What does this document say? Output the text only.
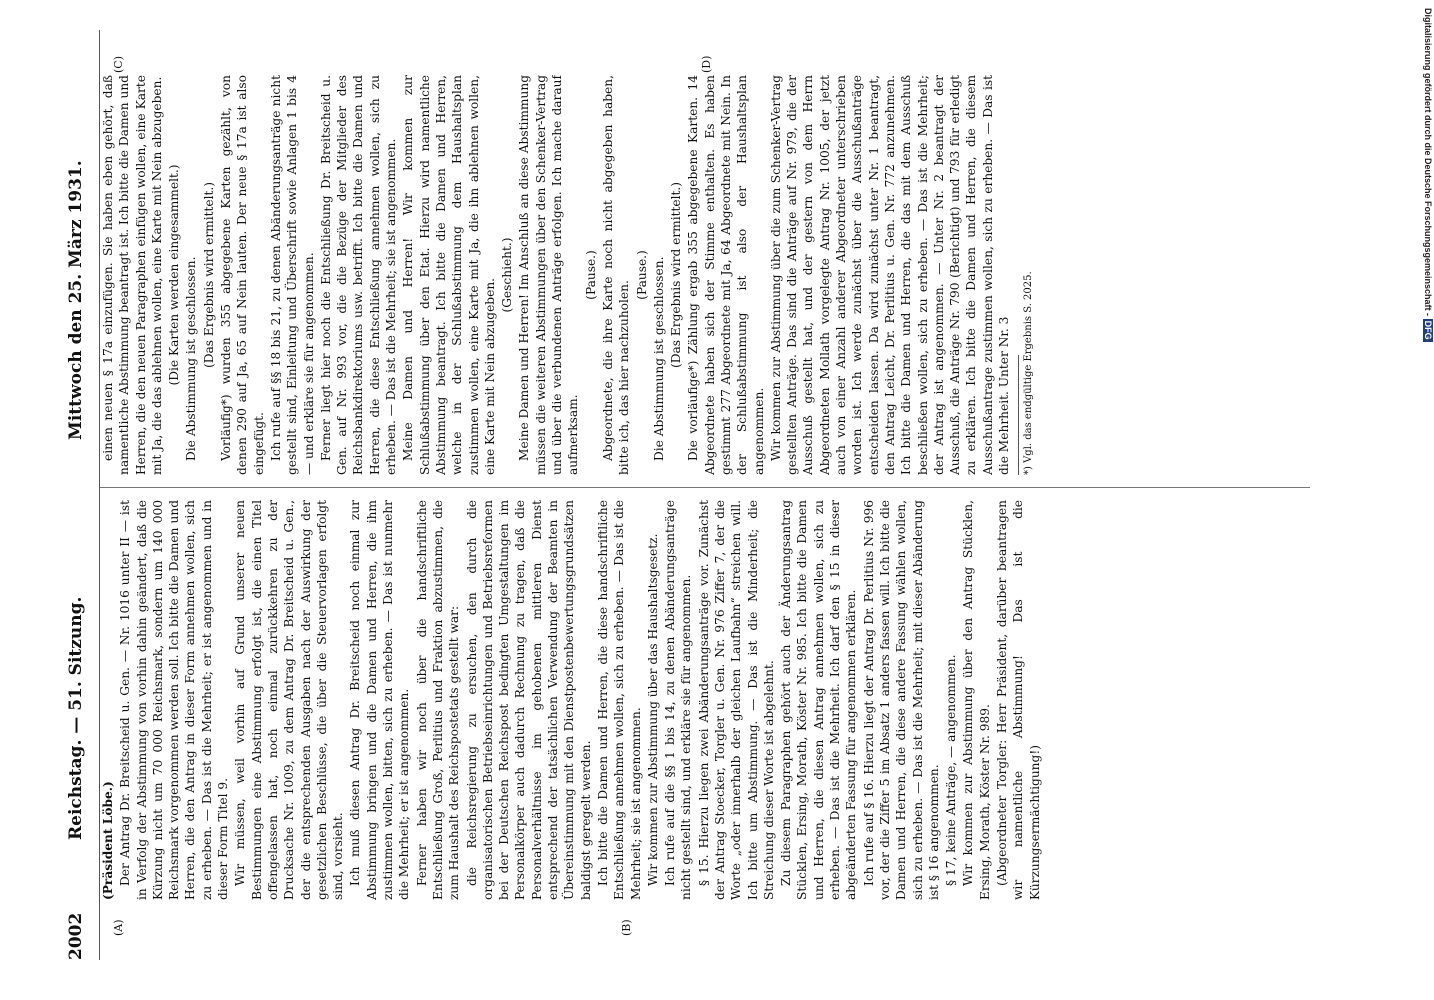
2002
Reichstag. — 51. Sitzung.
Mittwoch den 25. März 1931.
(A)	(B)
(C)	(D)

(Präsident Löbe.) Der Antrag Dr. Breitscheid u. Gen. — Nr. 1016 unter II — ist in Verfolg der Abstimmung von vorhin dahin geändert, daß die Kürzung nicht um 70 000 Reichsmark, sondern um 140 000 Reichsmark vorgenommen werden soll. Ich bitte die Damen und Herren, die den Antrag in dieser Form annehmen wollen, sich zu erheben. — Das ist die Mehrheit; er ist angenommen und in dieser Form Titel 9. Wir müssen, weil vorhin auf Grund unserer neuen Bestimmungen eine Abstimmung erfolgt ist, die einen Titel offengelassen hat, noch einmal zurückkehren zu der Drucksache Nr. 1009, zu dem Antrag Dr. Breitscheid u. Gen., der die entsprechenden Ausgaben nach der Auswirkung der gesetzlichen Beschlüsse, die über die Steuervorlagen erfolgt sind, vorsieht. Ich muß diesen Antrag Dr. Breitscheid noch einmal zur Abstimmung bringen und die Damen und Herren, die ihm zustimmen wollen, bitten, sich zu erheben. — Das ist nunmehr die Mehrheit; er ist angenommen. Ferner haben wir noch über die handschriftliche Entschließung Groß, Perlitius und Fraktion abzustimmen, die zum Haushalt des Reichspostetats gestellt war: die Reichsregierung zu ersuchen, den durch die organisatorischen Betriebseinrichtungen und Betriebsreformen bei der Deutschen Reichspost bedingten Umgestaltungen im Personalkörper auch dadurch Rechnung zu tragen, daß die Personalverhältnisse im gehobenen mittleren Dienst entsprechend der tatsächlichen Verwendung der Beamten in Übereinstimmung mit den Dienstpostenbewertungsgrundsätzen baldigst geregelt werden. Ich bitte die Damen und Herren, die diese handschriftliche Entschließung annehmen wollen, sich zu erheben. — Das ist die Mehrheit; sie ist angenommen. Wir kommen zur Abstimmung über das Haushaltsgesetz. Ich rufe auf die §§ 1 bis 14, zu denen Abänderungsanträge nicht gestellt sind, und erkläre sie für angenommen. § 15. Hierzu liegen zwei Abänderungsanträge vor. Zunächst der Antrag Stoecker, Torgler u. Gen. Nr. 976 Ziffer 7, der die Worte „oder innerhalb der gleichen Laufbahn“ streichen will. Ich bitte um Abstimmung. — Das ist die Minderheit; die Streichung dieser Worte ist abgelehnt. Zu diesem Paragraphen gehört auch der Änderungsantrag Stücklen, Ersing, Morath, Köster Nr. 985. Ich bitte die Damen und Herren, die diesen Antrag annehmen wollen, sich zu erheben. — Das ist die Mehrheit. Ich darf den § 15 in dieser abgeänderten Fassung für angenommen erklären. Ich rufe auf § 16. Hierzu liegt der Antrag Dr. Perlitius Nr. 996 vor, der die Ziffer 5 im Absatz 1 anders fassen will. Ich bitte die Damen und Herren, die diese andere Fassung wählen wollen, sich zu erheben. — Das ist die Mehrheit; mit dieser Abänderung ist § 16 angenommen. § 17, keine Anträge, — angenommen. Wir kommen zur Abstimmung über den Antrag Stücklen, Ersing, Morath, Köster Nr. 989. (Abgeordneter Torgler: Herr Präsident, darüber beantragen wir namentliche Abstimmung! Das ist die Kürzungsermächtigung!)

einen neuen § 17a einzufügen. Sie haben eben gehört, daß namentliche Abstimmung beantragt ist. Ich bitte die Damen und Herren, die den neuen Paragraphen einfügen wollen, eine Karte mit Ja, die das ablehnen wollen, eine Karte mit Nein abzugeben. (Die Karten werden eingesammelt.) Die Abstimmung ist geschlossen. (Das Ergebnis wird ermittelt.) Vorläufig*) wurden 355 abgegebene Karten gezählt, von denen 290 auf Ja, 65 auf Nein lauten. Der neue § 17a ist also eingefügt. Ich rufe auf §§ 18 bis 21, zu denen Abänderungsanträge nicht gestellt sind, Einleitung und Überschrift sowie Anlagen 1 bis 4 — und erkläre sie für angenommen. Ferner liegt hier noch die Entschließung Dr. Breitscheid u. Gen. auf Nr. 993 vor, die die Bezüge der Mitglieder des Reichsbankdirektoriums usw. betrifft. Ich bitte die Damen und Herren, die diese Entschließung annehmen wollen, sich zu erheben. — Das ist die Mehrheit; sie ist angenommen. Meine Damen und Herren! Wir kommen zur Schlußabstimmung über den Etat. Hierzu wird namentliche Abstimmung beantragt. Ich bitte die Damen und Herren, welche in der Schlußabstimmung dem Haushaltsplan zustimmen wollen, eine Karte mit Ja, die ihn ablehnen wollen, eine Karte mit Nein abzugeben.

(Geschieht.) Meine Damen und Herren! Im Anschluß an diese Abstimmung müssen die weiteren Abstimmungen über den Schenker-Vertrag und über die verbundenen Anträge erfolgen. Ich mache darauf aufmerksam.

(Pause.) Abgeordnete, die ihre Karte noch nicht abgegeben haben, bitte ich, das hier nachzuholen.

(Pause.) Die Abstimmung ist geschlossen. (Das Ergebnis wird ermittelt.) Die vorläufige*) Zählung ergab 355 abgegebene Karten. 14 Abgeordnete haben sich der Stimme enthalten. Es haben gestimmt 277 Abgeordnete mit Ja, 64 Abgeordnete mit Nein. In der Schlußabstimmung ist also der Haushaltsplan angenommen. Wir kommen zur Abstimmung über die zum Schenker-Vertrag gestellten Anträge. Das sind die Anträge auf Nr. 979, die der Ausschuß gestellt hat, und der gestern von dem Herrn Abgeordneten Mollath vorgelegte Antrag Nr. 1005, der jetzt auch von einer Anzahl anderer Abgeordneter unterschrieben worden ist. Ich werde zunächst über die Ausschußanträge entscheiden lassen. Da wird zunächst unter Nr. 1 beantragt, den Antrag Leicht, Dr. Perlitius u. Gen. Nr. 772 anzunehmen. Ich bitte die Damen und Herren, die das mit dem Ausschuß beschließen wollen, sich zu erheben. — Das ist die Mehrheit; der Antrag ist angenommen. — Unter Nr. 2 beantragt der Ausschuß, die Anträge Nr. 790 (Berichtigt) und 793 für erledigt zu erklären. Ich bitte die Damen und Herren, die diesem Ausschußantrage zustimmen wollen, sich zu erheben. — Das ist die Mehrheit. Unter Nr. 3 *) Vgl. das endgültige Ergebnis S. 2025.
Digitalisierung gefördert durch die Deutsche Forschungsgemeinschaft - DFG
